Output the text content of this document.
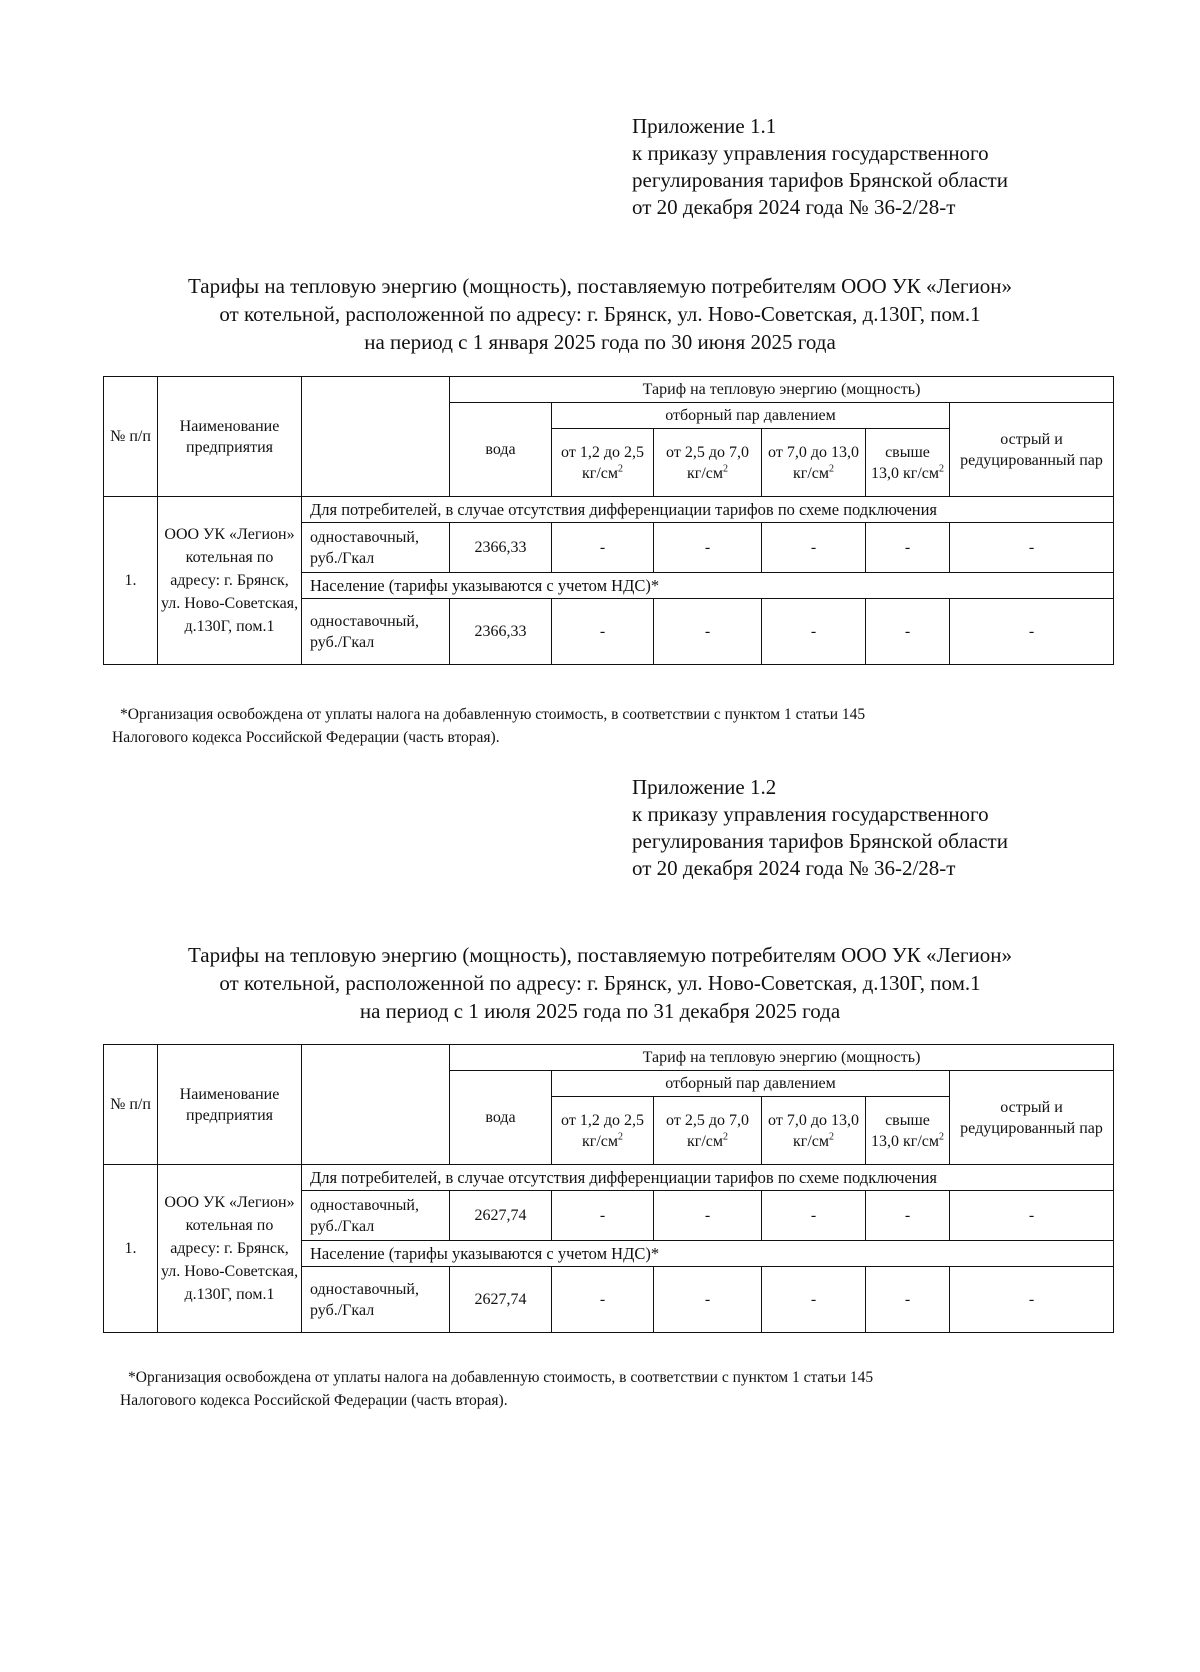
Приложение 1.1
к приказу управления государственного
регулирования тарифов Брянской области
от 20 декабря 2024 года № 36-2/28-т
Тарифы на тепловую энергию (мощность), поставляемую потребителям ООО УК «Легион»
от котельной, расположенной по адресу: г. Брянск, ул. Ново-Советская, д.130Г, пом.1
на период с 1 января 2025 года по 30 июня 2025 года
№ п/п	Наименование предприятия		Тариф на тепловую энергию (мощность)					
			вода	отборный пар давлением				острый и редуцированный пар
				от 1,2 до 2,5 $кг/см^2$	от 2,5 до 7,0 $кг/см^2$	от 7,0 до 13,0 $кг/см^2$	свыше 13,0 $кг/см^2$
1.	ООО УК «Легион» котельная по адресу: г. Брянск, ул. Ново-Советская, д.130Г, пом.1	Для потребителей, в случае отсутствия дифференциации тарифов по схеме подключения						
		одноставочный, руб./Гкал	2366,33	-	-	-	-	-
		Население (тарифы указываются с учетом НДС)*						
		одноставочный, руб./Гкал	2366,33	-	-	-	-	-
*Организация освобождена от уплаты налога на добавленную стоимость, в соответствии с пунктом 1 статьи 145
Налогового кодекса Российской Федерации (часть вторая).
Приложение 1.2
к приказу управления государственного
регулирования тарифов Брянской области
от 20 декабря 2024 года № 36-2/28-т
Тарифы на тепловую энергию (мощность), поставляемую потребителям ООО УК «Легион»
от котельной, расположенной по адресу: г. Брянск, ул. Ново-Советская, д.130Г, пом.1
на период с 1 июля 2025 года по 31 декабря 2025 года
№ п/п	Наименование предприятия		Тариф на тепловую энергию (мощность)					
			вода	отборный пар давлением				острый и редуцированный пар
				от 1,2 до 2,5 $кг/см^2$	от 2,5 до 7,0 $кг/см^2$	от 7,0 до 13,0 $кг/см^2$	свыше 13,0 $кг/см^2$
1.	ООО УК «Легион» котельная по адресу: г. Брянск, ул. Ново-Советская, д.130Г, пом.1	Для потребителей, в случае отсутствия дифференциации тарифов по схеме подключения						
		одноставочный, руб./Гкал	2627,74	-	-	-	-	-
		Население (тарифы указываются с учетом НДС)*						
		одноставочный, руб./Гкал	2627,74	-	-	-	-	-
*Организация освобождена от уплаты налога на добавленную стоимость, в соответствии с пунктом 1 статьи 145
Налогового кодекса Российской Федерации (часть вторая).
